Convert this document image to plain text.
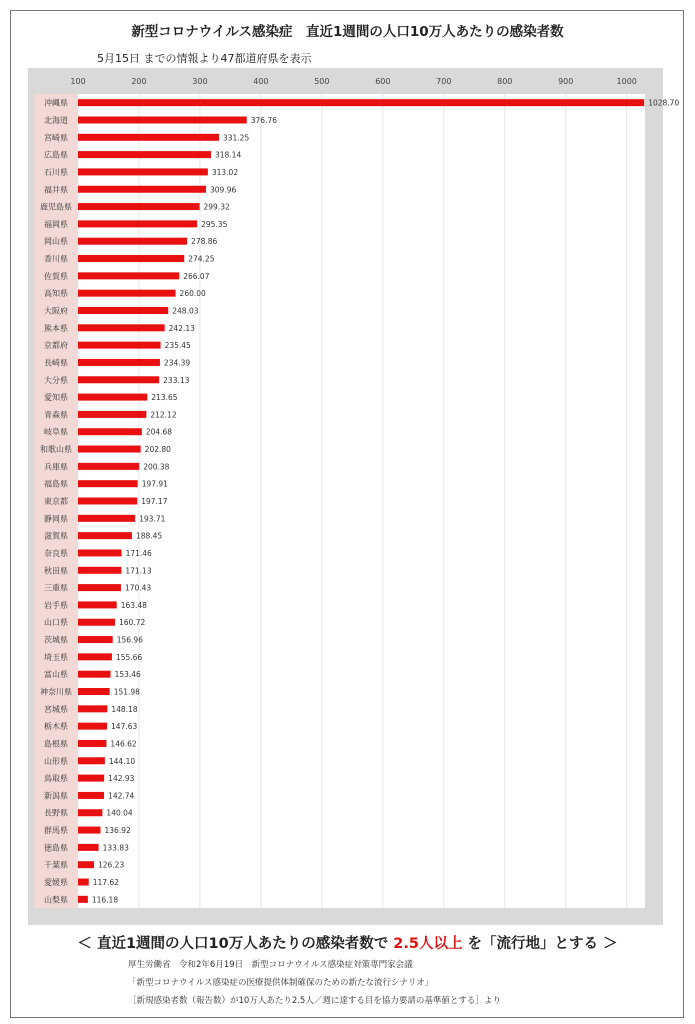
新型コロナウイルス感染症　直近1週間の人口10万人あたりの感染者数
5月15日 までの情報より47都道府県を表示
100	200	300	400	500	600	700	800	900	1000
沖縄県	1028.70
北海道	376.76
宮崎県	331.25
広島県	318.14
石川県	313.02
福井県	309.96
鹿児島県	299.32
福岡県	295.35
岡山県	278.86
香川県	274.25
佐賀県	266.07
高知県	260.00
大阪府	248.03
熊本県	242.13
京都府	235.45
長崎県	234.39
大分県	233.13
愛知県	213.65
青森県	212.12
岐阜県	204.68
和歌山県	202.80
兵庫県	200.38
福島県	197.91
東京都	197.17
静岡県	193.71
滋賀県	188.45
奈良県	171.46
秋田県	171.13
三重県	170.43
岩手県	163.48
山口県	160.72
茨城県	156.96
埼玉県	155.66
富山県	153.46
神奈川県	151.98
宮城県	148.18
栃木県	147.63
島根県	146.62
山形県	144.10
鳥取県	142.93
新潟県	142.74
長野県	140.04
群馬県	136.92
徳島県	133.83
千葉県	126.23
愛媛県	117.62
山梨県	116.18
＜ 直近1週間の人口10万人あたりの感染者数で 2.5人以上 を「流行地」とする ＞
厚生労働省　令和2年6月19日　新型コロナウイルス感染症対策専門家会議
「新型コロナウイルス感染症の医療提供体制確保のための新たな流行シナリオ」
［新規感染者数（報告数）が10万人あたり2.5人／週に達する目を協力要請の基準値とする］より
